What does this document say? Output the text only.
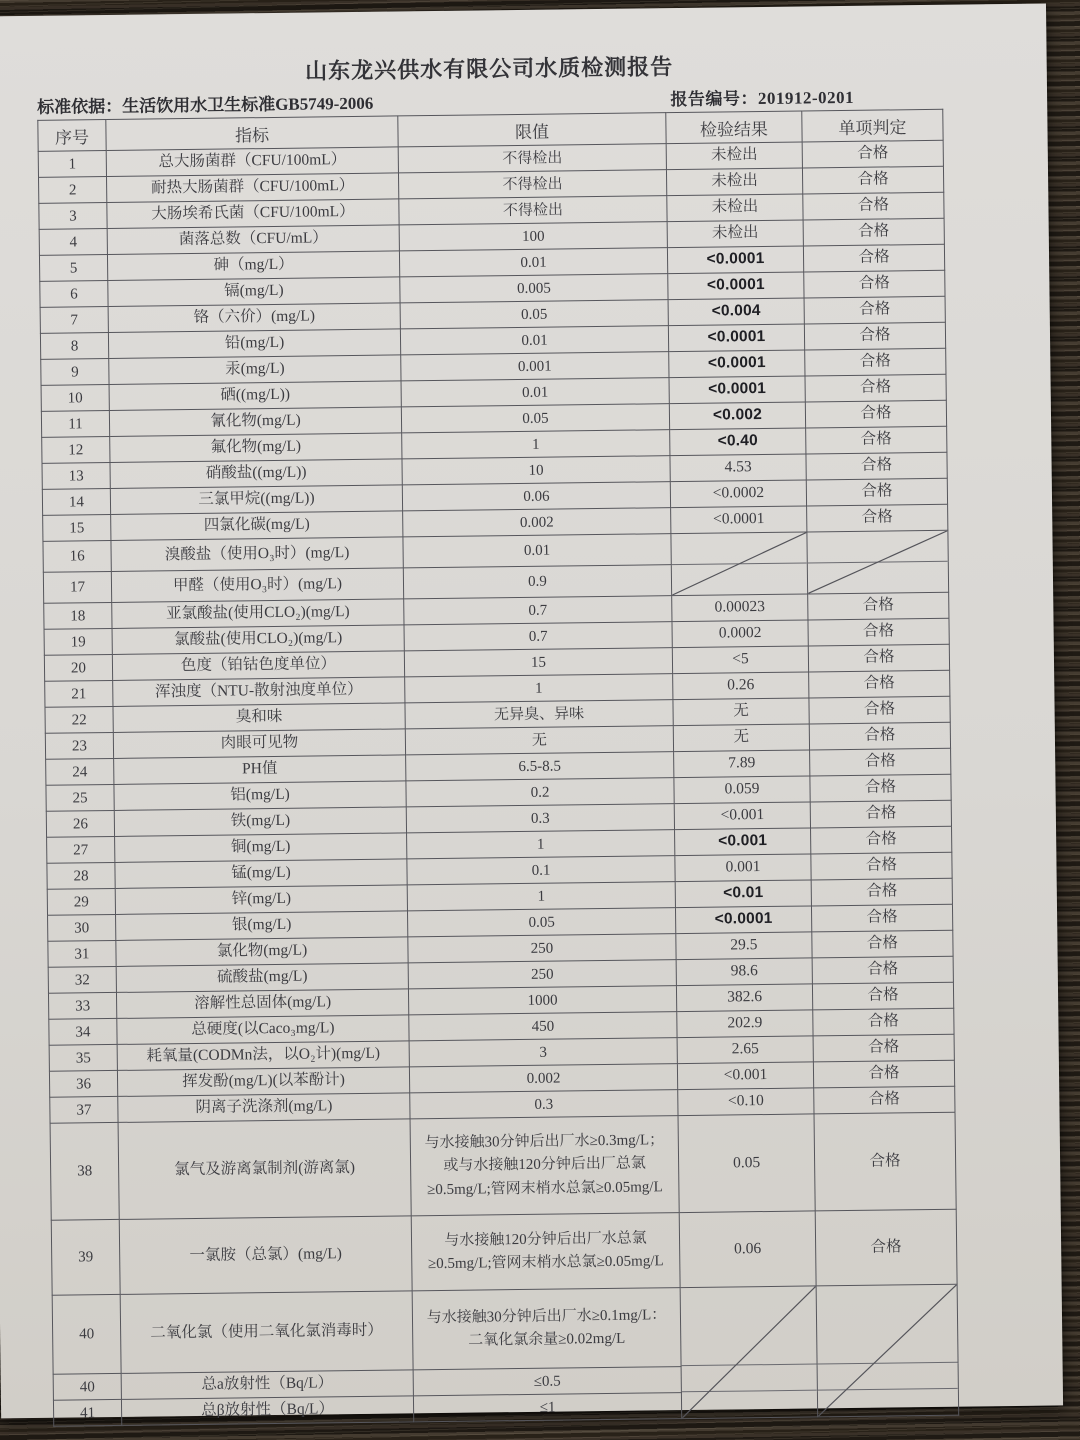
山东龙兴供水有限公司水质检测报告
标准依据：生活饮用水卫生标准GB5749-2006	报告编号：201912-0201
序号	指标	限值	检验结果	单项判定
1	总大肠菌群（CFU/100mL）	不得检出	未检出	合格
2	耐热大肠菌群（CFU/100mL）	不得检出	未检出	合格
3	大肠埃希氏菌（CFU/100mL）	不得检出	未检出	合格
4	菌落总数（CFU/mL）	100	未检出	合格
5	砷（mg/L）	0.01	<0.0001	合格
6	镉(mg/L)	0.005	<0.0001	合格
7	铬（六价）(mg/L)	0.05	<0.004	合格
8	铅(mg/L)	0.01	<0.0001	合格
9	汞(mg/L)	0.001	<0.0001	合格
10	硒((mg/L))	0.01	<0.0001	合格
11	氰化物(mg/L)	0.05	<0.002	合格
12	氟化物(mg/L)	1	<0.40	合格
13	硝酸盐((mg/L))	10	4.53	合格
14	三氯甲烷((mg/L))	0.06	<0.0002	合格
15	四氯化碳(mg/L)	0.002	<0.0001	合格
16	溴酸盐（使用O₃时）(mg/L)	0.01	

17	甲醛（使用O₃时）(mg/L)	0.9		
18	亚氯酸盐(使用CLO₂)(mg/L)	0.7	0.00023	合格
19	氯酸盐(使用CLO₂)(mg/L)	0.7	0.0002	合格
20	色度（铂钴色度单位）	15	<5	合格
21	浑浊度（NTU-散射浊度单位）	1	0.26	合格
22	臭和味	无异臭、异味	无	合格
23	肉眼可见物	无	无	合格
24	PH值	6.5-8.5	7.89	合格
25	铝(mg/L)	0.2	0.059	合格
26	铁(mg/L)	0.3	<0.001	合格
27	铜(mg/L)	1	<0.001	合格
28	锰(mg/L)	0.1	0.001	合格
29	锌(mg/L)	1	<0.01	合格
30	银(mg/L)	0.05	<0.0001	合格
31	氯化物(mg/L)	250	29.5	合格
32	硫酸盐(mg/L)	250	98.6	合格
33	溶解性总固体(mg/L)	1000	382.6	合格
34	总硬度(以Caco₃mg/L)	450	202.9	合格
35	耗氧量(CODMn法，以O₂计)(mg/L)	3	2.65	合格
36	挥发酚(mg/L)(以苯酚计)	0.002	<0.001	合格
37	阴离子洗涤剂(mg/L)	0.3	<0.10	合格
38	氯气及游离氯制剂(游离氯)	与水接触30分钟后出厂水≥0.3mg/L；或与水接触120分钟后出厂总氯≥0.5mg/L;管网末梢水总氯≥0.05mg/L	0.05	合格
39	一氯胺（总氯）(mg/L)	与水接触120分钟后出厂水总氯≥0.5mg/L;管网末梢水总氯≥0.05mg/L	0.06	合格
40	二氧化氯（使用二氧化氯消毒时）	与水接触30分钟后出厂水≥0.1mg/L： 二氧化氯余量≥0.02mg/L	

40	总a放射性（Bq/L）	≤0.5		
41	总β放射性（Bq/L）	≤1		
